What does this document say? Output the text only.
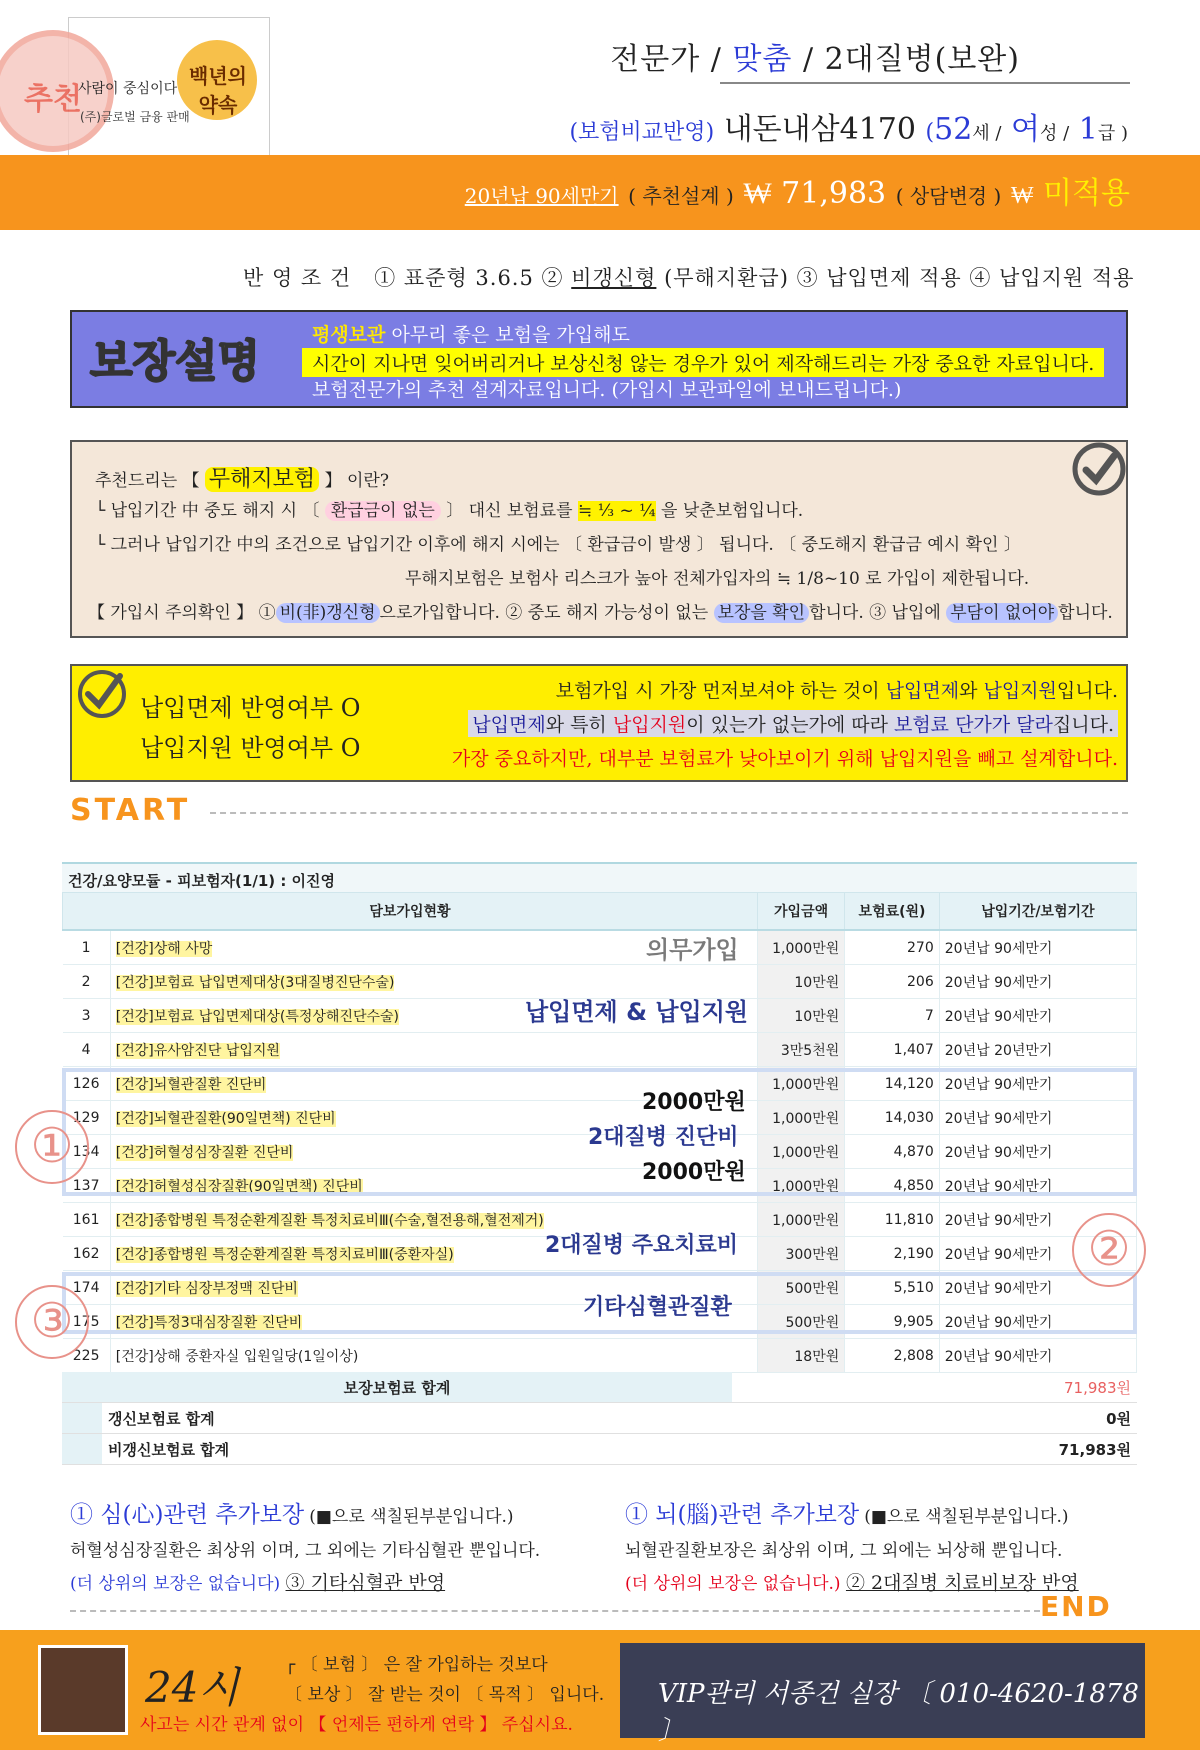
추천
사람이 중심이다
백년의 약속
(주)글로벌 금융 판매
전문가 / 맞춤 / 2대질병(보완)
(보험비교반영) 내돈내삼4170 (52세 / 여성 / 1급 )
20년납 90세만기 ( 추천설계 ) ₩ 71,983 ( 상담변경 ) ₩ 미적용
반 영 조 건 ① 표준형 3.6.5 ② 비갱신형 (무해지환급) ③ 납입면제 적용 ④ 납입지원 적용
보장설명
평생보관 아무리 좋은 보험을 가입해도
시간이 지나면 잊어버리거나 보상신청 않는 경우가 있어 제작해드리는 가장 중요한 자료입니다.
보험전문가의 추천 설계자료입니다. (가입시 보관파일에 보내드립니다.)
추천드리는 【 무해지보험 】 이란?
└ 납입기간 中 중도 해지 시 〔 환급금이 없는 〕 대신 보험료를 ≒ ⅓ ~ ¼ 을 낮춘보험입니다.
└ 그러나 납입기간 中의 조건으로 납입기간 이후에 해지 시에는 〔 환급금이 발생 〕 됩니다. 〔 중도해지 환급금 예시 확인 〕
무해지보험은 보험사 리스크가 높아 전체가입자의 ≒ 1/8~10 로 가입이 제한됩니다.
【 가입시 주의확인 】 ① 비(非)갱신형 으로가입합니다. ② 중도 해지 가능성이 없는 보장을 확인 합니다. ③ 납입에 부담이 없어야 합니다.
납입면제 반영여부 O
납입지원 반영여부 O
보험가입 시 가장 먼저보셔야 하는 것이 납입면제와 납입지원입니다.
납입면제와 특히 납입지원이 있는가 없는가에 따라 보험료 단가가 달라집니다.
가장 중요하지만, 대부분 보험료가 낮아보이기 위해 납입지원을 빼고 설계합니다.
START
건강/요양모듈 - 피보험자(1/1) : 이진영
담보가입현황		가입금액	보험료(원)	납입기간/보험기간
1	[건강]상해 사망	1,000만원	270	20년납 90세만기
2	[건강]보험료 납입면제대상(3대질병진단수술)	10만원	206	20년납 90세만기
3	[건강]보험료 납입면제대상(특정상해진단수술)	10만원	7	20년납 90세만기
4	[건강]유사암진단 납입지원	3만5천원	1,407	20년납 20년만기
126	[건강]뇌혈관질환 진단비	1,000만원	14,120	20년납 90세만기
129	[건강]뇌혈관질환(90일면책) 진단비	1,000만원	14,030	20년납 90세만기
134	[건강]허혈성심장질환 진단비	1,000만원	4,870	20년납 90세만기
137	[건강]허혈성심장질환(90일면책) 진단비	1,000만원	4,850	20년납 90세만기
161	[건강]종합병원 특정순환계질환 특정치료비Ⅲ(수술,혈전용해,혈전제거)	1,000만원	11,810	20년납 90세만기
162	[건강]종합병원 특정순환계질환 특정치료비Ⅲ(중환자실)	300만원	2,190	20년납 90세만기
174	[건강]기타 심장부정맥 진단비	500만원	5,510	20년납 90세만기
175	[건강]특정3대심장질환 진단비	500만원	9,905	20년납 90세만기
225	[건강]상해 중환자실 입원일당(1일이상)	18만원	2,808	20년납 90세만기
의무가입
납입면제 & 납입지원
2000만원
2대질병 진단비
2000만원
2대질병 주요치료비
기타심혈관질환
①
②
③
보장보험료 합계		71,983원
	갱신보험료 합계	0원
	비갱신보험료 합계	71,983원
① 심(心)관련 추가보장 (■으로 색칠된부분입니다.)
허혈성심장질환은 최상위 이며, 그 외에는 기타심혈관 뿐입니다.
(더 상위의 보장은 없습니다) ③ 기타심혈관 반영
① 뇌(腦)관련 추가보장 (■으로 색칠된부분입니다.)
뇌혈관질환보장은 최상위 이며, 그 외에는 뇌상해 뿐입니다.
(더 상위의 보장은 없습니다.) ② 2대질병 치료비보장 반영
END
24시	┌ 〔 보험 〕 은 잘 가입하는 것보다
〔 보상 〕 잘 받는 것이 〔 목적 〕 입니다.
사고는 시간 관계 없이 【 언제든 편하게 연락 】 주십시요.
VIP관리 서종건 실장 〔 010-4620-1878 〕
